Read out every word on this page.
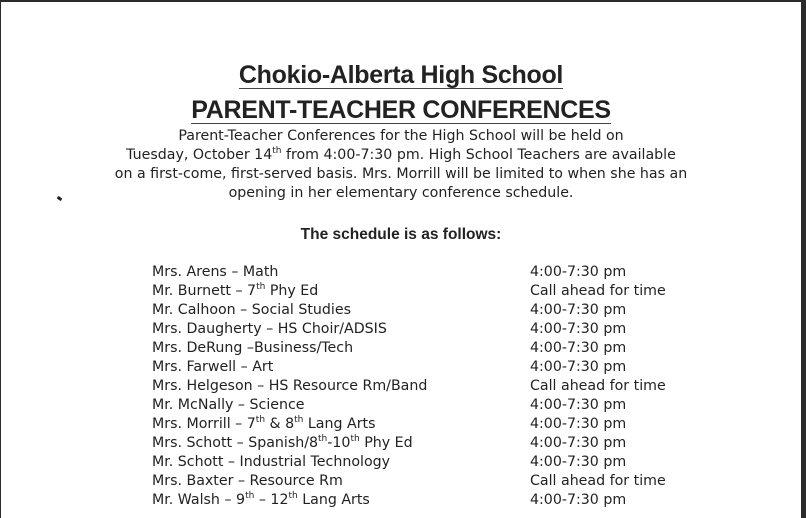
Chokio-Alberta High School
PARENT-TEACHER CONFERENCES

Parent-Teacher Conferences for the High School will be held on

Tuesday, October 14th from 4:00-7:30 pm. High School Teachers are available

on a first-come, first-served basis. Mrs. Morrill will be limited to when she has an

opening in her elementary conference schedule.

The schedule is as follows:
Mrs. Arens – Math	4:00-7:30 pm
Mr. Burnett – 7th Phy Ed	Call ahead for time
Mr. Calhoon – Social Studies	4:00-7:30 pm
Mrs. Daugherty – HS Choir/ADSIS	4:00-7:30 pm
Mrs. DeRung –Business/Tech	4:00-7:30 pm
Mrs. Farwell – Art	4:00-7:30 pm
Mrs. Helgeson – HS Resource Rm/Band	Call ahead for time
Mr. McNally – Science	4:00-7:30 pm
Mrs. Morrill – 7th & 8th Lang Arts	4:00-7:30 pm
Mrs. Schott – Spanish/8th-10th Phy Ed	4:00-7:30 pm
Mr. Schott – Industrial Technology	4:00-7:30 pm
Mrs. Baxter – Resource Rm	Call ahead for time
Mr. Walsh – 9th – 12th Lang Arts	4:00-7:30 pm
